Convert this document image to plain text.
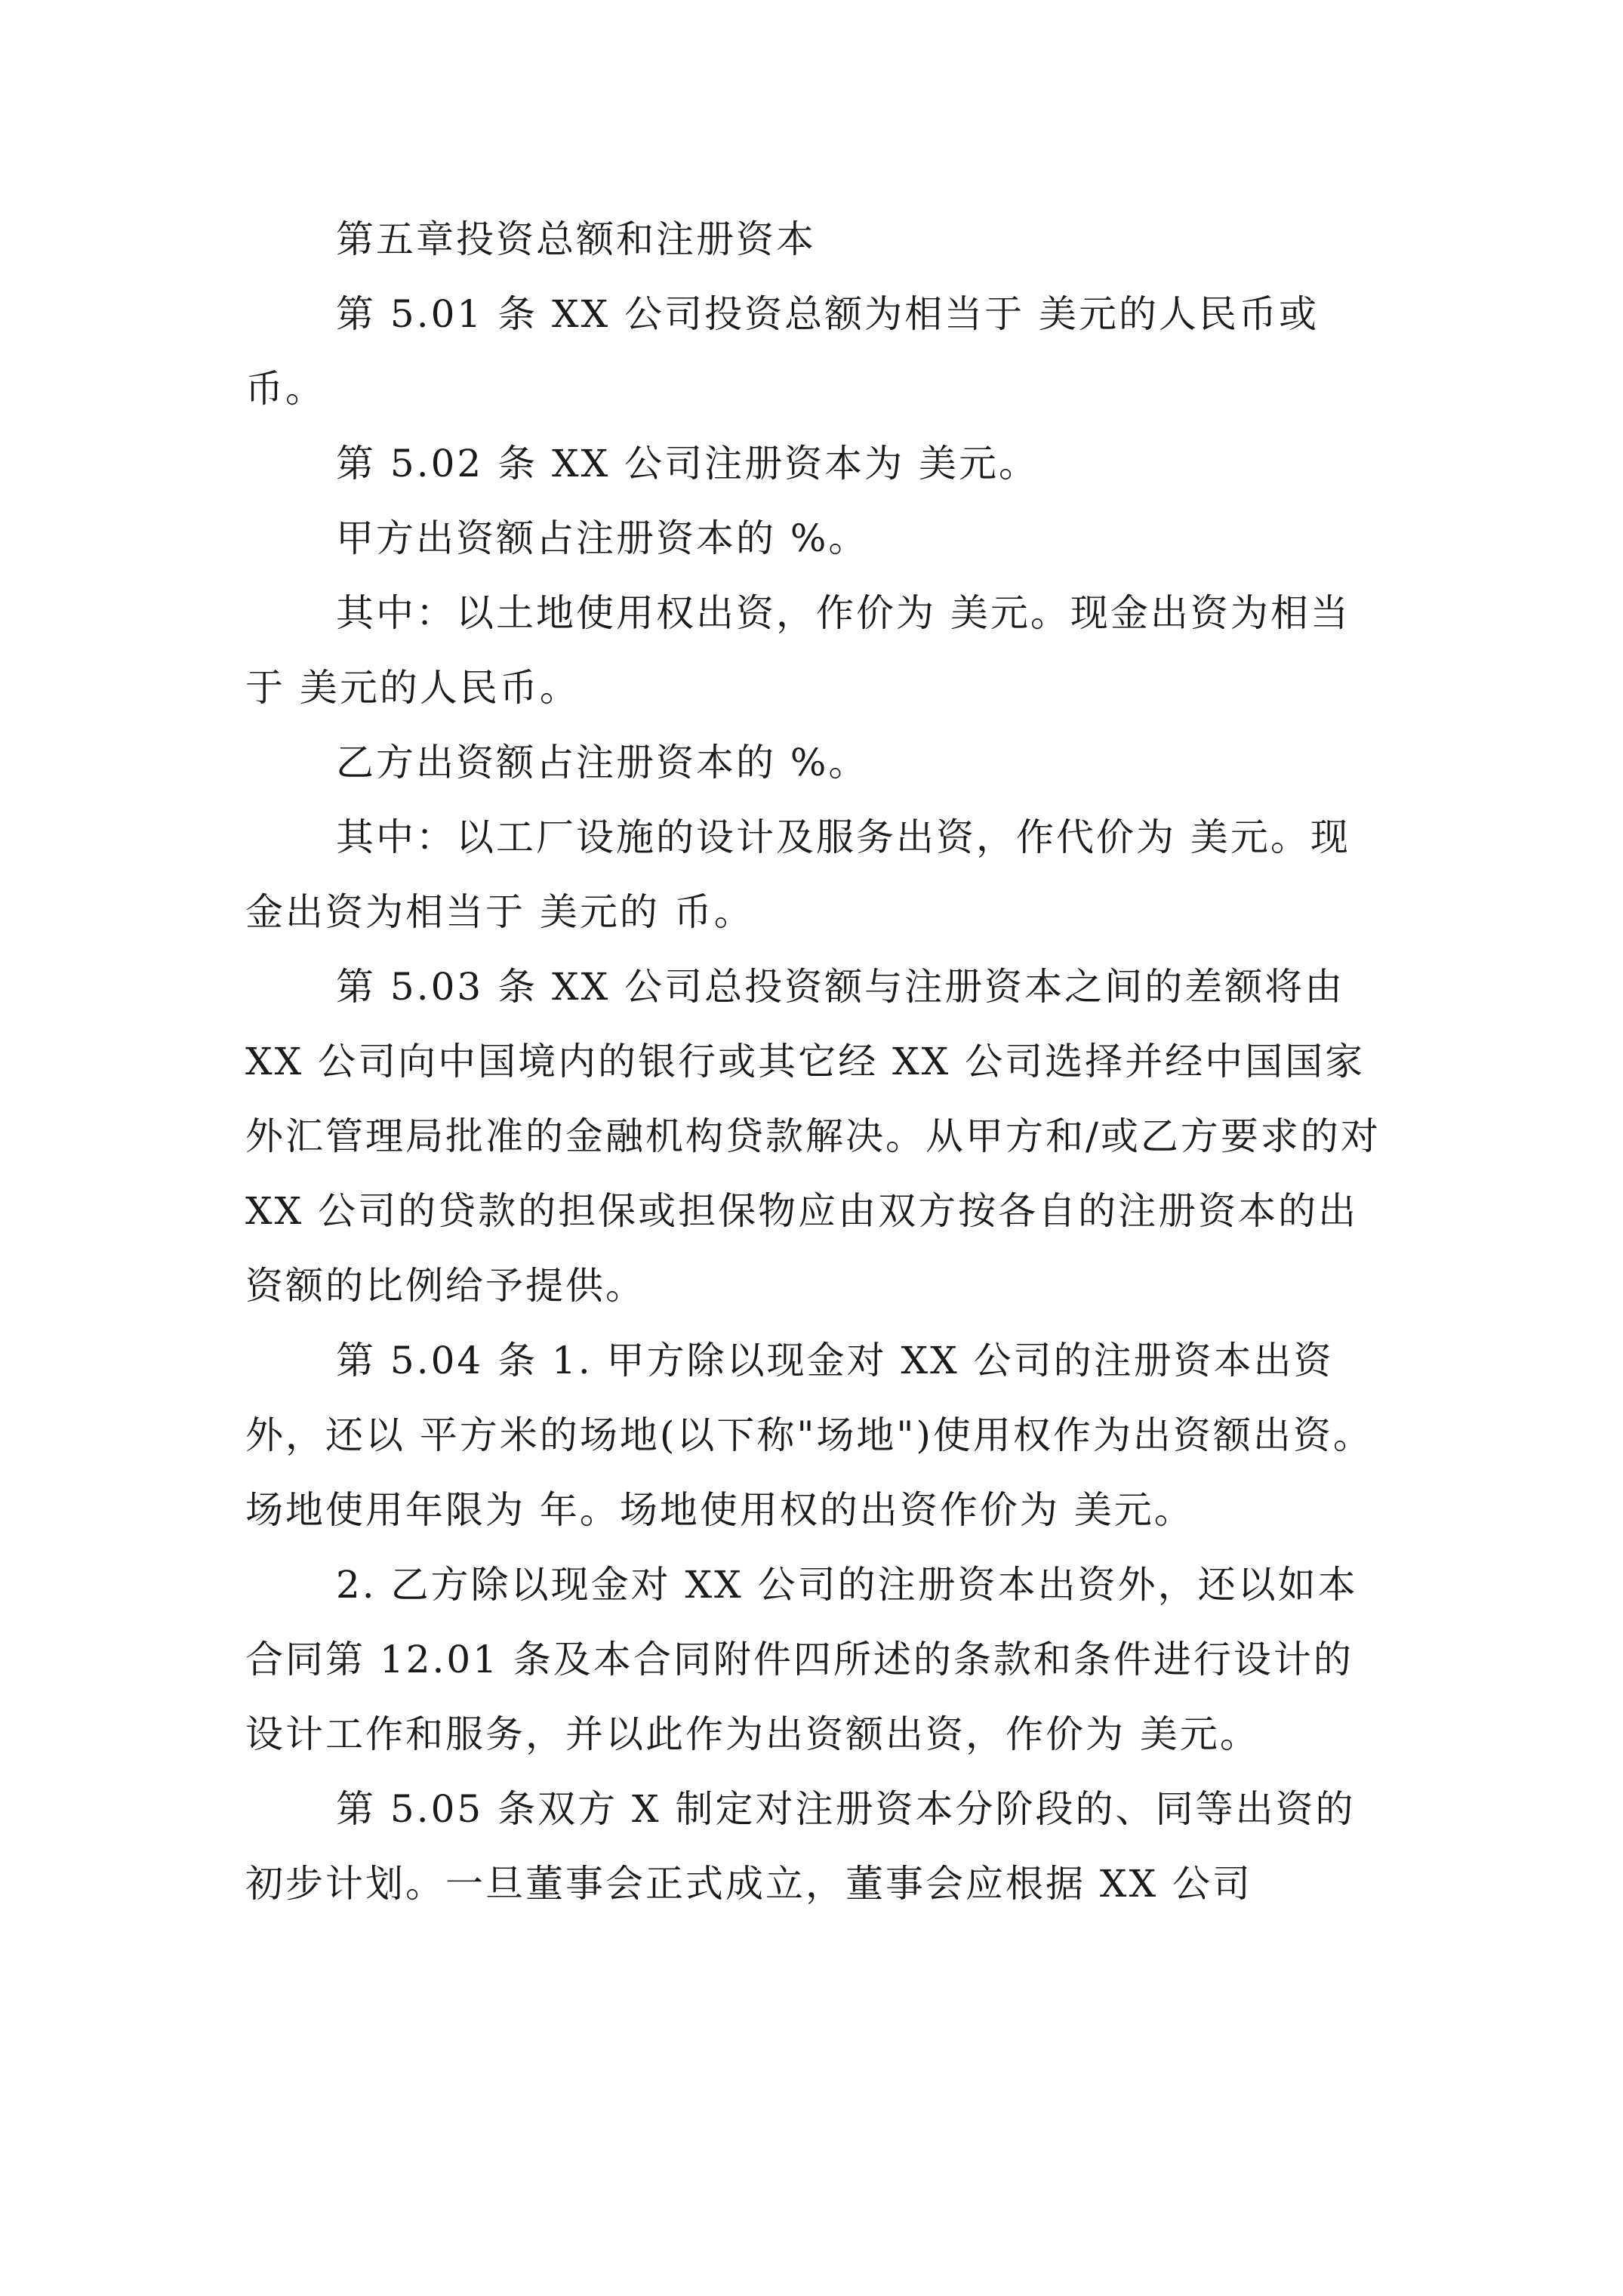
第五章投资总额和注册资本

第 5.01 条 XX 公司投资总额为相当于 美元的人民币或 币。

第 5.02 条 XX 公司注册资本为 美元。

甲方出资额占注册资本的 %。

其中：以土地使用权出资，作价为 美元。现金出资为相当于 美元的人民币。

乙方出资额占注册资本的 %。

其中：以工厂设施的设计及服务出资，作代价为 美元。现金出资为相当于 美元的 币。

第 5.03 条 XX 公司总投资额与注册资本之间的差额将由 XX 公司向中国境内的银行或其它经 XX 公司选择并经中国国家外汇管理局批准的金融机构贷款解决。从甲方和/或乙方要求的对 XX 公司的贷款的担保或担保物应由双方按各自的注册资本的出资额的比例给予提供。

第 5.04 条 1. 甲方除以现金对 XX 公司的注册资本出资外，还以 平方米的场地(以下称"场地")使用权作为出资额出资。场地使用年限为 年。场地使用权的出资作价为 美元。

2. 乙方除以现金对 XX 公司的注册资本出资外，还以如本合同第 12.01 条及本合同附件四所述的条款和条件进行设计的设计工作和服务，并以此作为出资额出资，作价为 美元。

第 5.05 条双方 X 制定对注册资本分阶段的、同等出资的初步计划。一旦董事会正式成立，董事会应根据 XX 公司
